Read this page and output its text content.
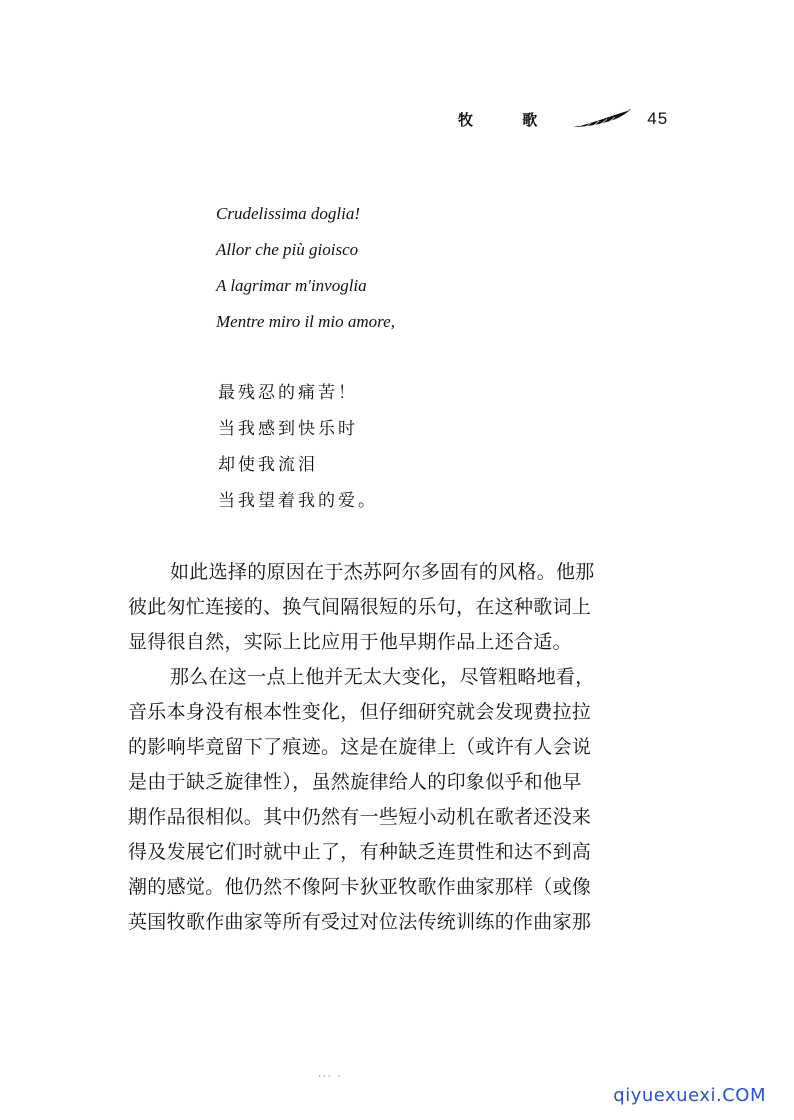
牧 歌	45
Crudelissima doglia!
Allor che più gioisco
A lagrimar m'invoglia
Mentre miro il mio amore,
最残忍的痛苦！
当我感到快乐时
却使我流泪
当我望着我的爱。
如此选择的原因在于杰苏阿尔多固有的风格。他那
彼此匆忙连接的、换气间隔很短的乐句，在这种歌词上
显得很自然，实际上比应用于他早期作品上还合适。
那么在这一点上他并无太大变化，尽管粗略地看，
音乐本身没有根本性变化，但仔细研究就会发现费拉拉
的影响毕竟留下了痕迹。这是在旋律上（或许有人会说
是由于缺乏旋律性），虽然旋律给人的印象似乎和他早
期作品很相似。其中仍然有一些短小动机在歌者还没来
得及发展它们时就中止了，有种缺乏连贯性和达不到高
潮的感觉。他仍然不像阿卡狄亚牧歌作曲家那样（或像
英国牧歌作曲家等所有受过对位法传统训练的作曲家那
··· ·
qiyuexuexi.COM
